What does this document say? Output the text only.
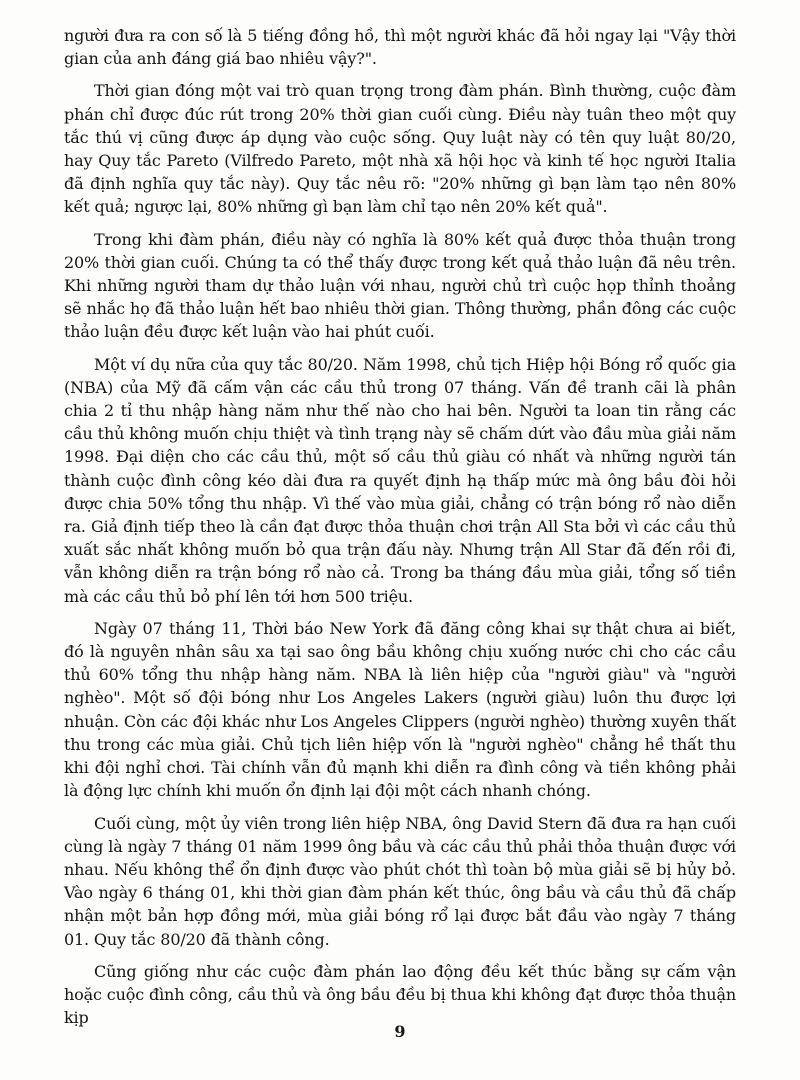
người đưa ra con số là 5 tiếng đồng hồ, thì một người khác đã hỏi ngay lại "Vậy thời gian của anh đáng giá bao nhiêu vậy?".

Thời gian đóng một vai trò quan trọng trong đàm phán. Bình thường, cuộc đàm phán chỉ được đúc rút trong 20% thời gian cuối cùng. Điều này tuân theo một quy tắc thú vị cũng được áp dụng vào cuộc sống. Quy luật này có tên quy luật 80/20, hay Quy tắc Pareto (Vilfredo Pareto, một nhà xã hội học và kinh tế học người Italia đã định nghĩa quy tắc này). Quy tắc nêu rõ: "20% những gì bạn làm tạo nên 80% kết quả; ngược lại, 80% những gì bạn làm chỉ tạo nên 20% kết quả".

Trong khi đàm phán, điều này có nghĩa là 80% kết quả được thỏa thuận trong 20% thời gian cuối. Chúng ta có thể thấy được trong kết quả thảo luận đã nêu trên. Khi những người tham dự thảo luận với nhau, người chủ trì cuộc họp thỉnh thoảng sẽ nhắc họ đã thảo luận hết bao nhiêu thời gian. Thông thường, phần đông các cuộc thảo luận đều được kết luận vào hai phút cuối.

Một ví dụ nữa của quy tắc 80/20. Năm 1998, chủ tịch Hiệp hội Bóng rổ quốc gia (NBA) của Mỹ đã cấm vận các cầu thủ trong 07 tháng. Vấn đề tranh cãi là phân chia 2 tỉ thu nhập hàng năm như thế nào cho hai bên. Người ta loan tin rằng các cầu thủ không muốn chịu thiệt và tình trạng này sẽ chấm dứt vào đầu mùa giải năm 1998. Đại diện cho các cầu thủ, một số cầu thủ giàu có nhất và những người tán thành cuộc đình công kéo dài đưa ra quyết định hạ thấp mức mà ông bầu đòi hỏi được chia 50% tổng thu nhập. Vì thế vào mùa giải, chẳng có trận bóng rổ nào diễn ra. Giả định tiếp theo là cần đạt được thỏa thuận chơi trận All Sta bởi vì các cầu thủ xuất sắc nhất không muốn bỏ qua trận đấu này. Nhưng trận All Star đã đến rồi đi, vẫn không diễn ra trận bóng rổ nào cả. Trong ba tháng đầu mùa giải, tổng số tiền mà các cầu thủ bỏ phí lên tới hơn 500 triệu.

Ngày 07 tháng 11, Thời báo New York đã đăng công khai sự thật chưa ai biết, đó là nguyên nhân sâu xa tại sao ông bầu không chịu xuống nước chi cho các cầu thủ 60% tổng thu nhập hàng năm. NBA là liên hiệp của "người giàu" và "người nghèo". Một số đội bóng như Los Angeles Lakers (người giàu) luôn thu được lợi nhuận. Còn các đội khác như Los Angeles Clippers (người nghèo) thường xuyên thất thu trong các mùa giải. Chủ tịch liên hiệp vốn là "người nghèo" chẳng hề thất thu khi đội nghỉ chơi. Tài chính vẫn đủ mạnh khi diễn ra đình công và tiền không phải là động lực chính khi muốn ổn định lại đội một cách nhanh chóng.

Cuối cùng, một ủy viên trong liên hiệp NBA, ông David Stern đã đưa ra hạn cuối cùng là ngày 7 tháng 01 năm 1999 ông bầu và các cầu thủ phải thỏa thuận được với nhau. Nếu không thể ổn định được vào phút chót thì toàn bộ mùa giải sẽ bị hủy bỏ. Vào ngày 6 tháng 01, khi thời gian đàm phán kết thúc, ông bầu và cầu thủ đã chấp nhận một bản hợp đồng mới, mùa giải bóng rổ lại được bắt đầu vào ngày 7 tháng 01. Quy tắc 80/20 đã thành công.

Cũng giống như các cuộc đàm phán lao động đều kết thúc bằng sự cấm vận hoặc cuộc đình công, cầu thủ và ông bầu đều bị thua khi không đạt được thỏa thuận kịp

9
